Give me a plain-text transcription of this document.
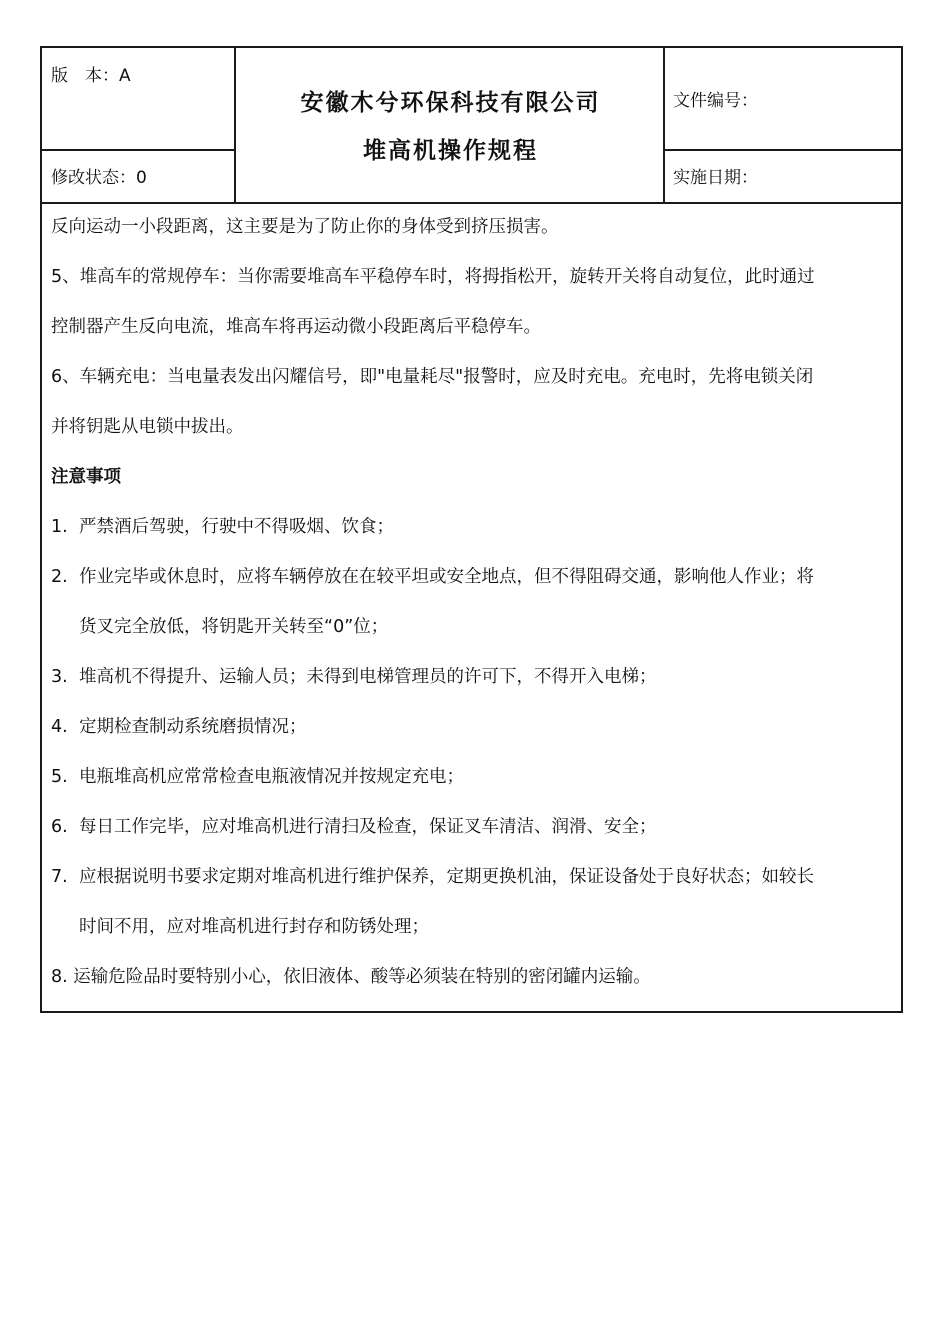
版　本：A
修改状态：0
安徽木兮环保科技有限公司
堆高机操作规程
文件编号：
实施日期：
反向运动一小段距离，这主要是为了防止你的身体受到挤压损害。
5、堆高车的常规停车：当你需要堆高车平稳停车时，将拇指松开，旋转开关将自动复位，此时通过
控制器产生反向电流，堆高车将再运动微小段距离后平稳停车。
6、车辆充电：当电量表发出闪耀信号，即"电量耗尽"报警时，应及时充电。充电时，先将电锁关闭
并将钥匙从电锁中拔出。
注意事项
1. 严禁酒后驾驶，行驶中不得吸烟、饮食；
2. 作业完毕或休息时，应将车辆停放在在较平坦或安全地点，但不得阻碍交通，影响他人作业；将
货叉完全放低，将钥匙开关转至“0”位；
3. 堆高机不得提升、运输人员；未得到电梯管理员的许可下，不得开入电梯；
4. 定期检查制动系统磨损情况；
5. 电瓶堆高机应常常检查电瓶液情况并按规定充电；
6. 每日工作完毕，应对堆高机进行清扫及检查，保证叉车清洁、润滑、安全；
7. 应根据说明书要求定期对堆高机进行维护保养，定期更换机油，保证设备处于良好状态；如较长
时间不用，应对堆高机进行封存和防锈处理；
8. 运输危险品时要特别小心，依旧液体、酸等必须装在特别的密闭罐内运输。
